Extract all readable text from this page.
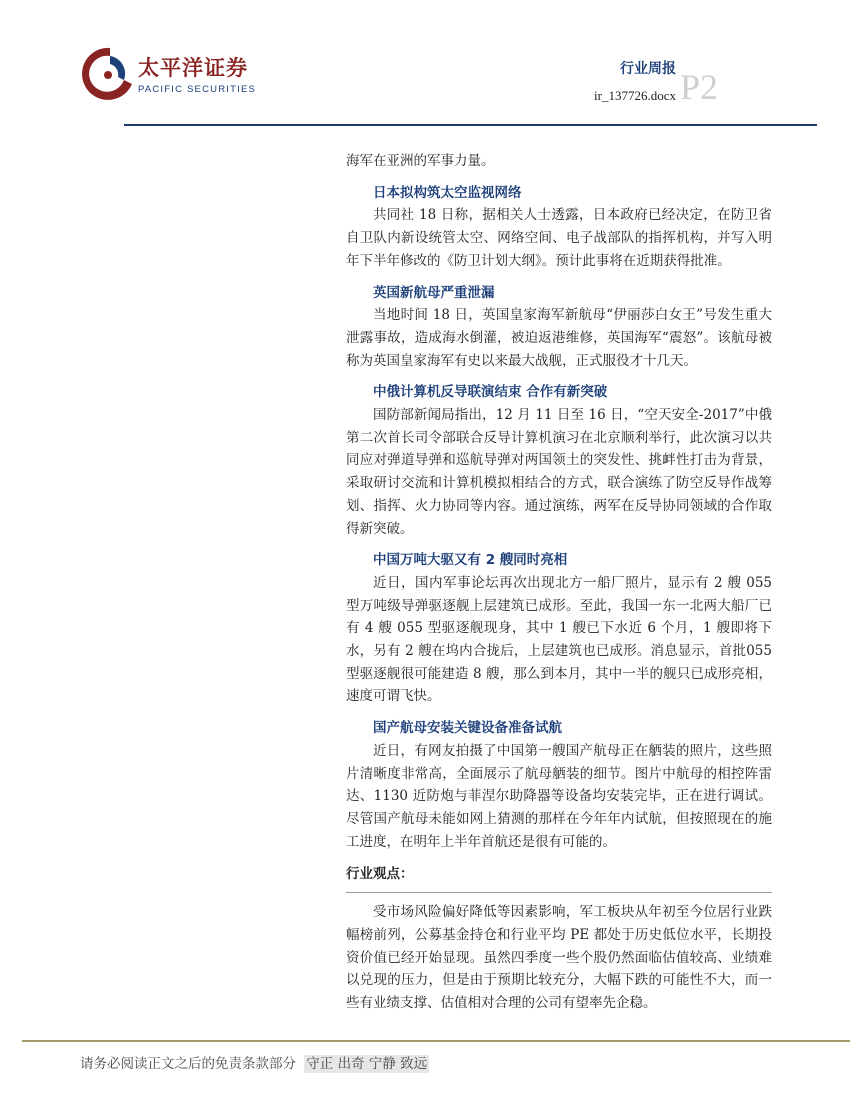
太平洋证券
PACIFIC SECURITIES
行业周报
ir_137726.docx P2

海军在亚洲的军事力量。

日本拟构筑太空监视网络

共同社 18 日称，据相关人士透露，日本政府已经决定，在防卫省自卫队内新设统管太空、网络空间、电子战部队的指挥机构，并写入明年下半年修改的《防卫计划大纲》。预计此事将在近期获得批准。

英国新航母严重泄漏

当地时间 18 日，英国皇家海军新航母“伊丽莎白女王”号发生重大泄露事故，造成海水倒灌，被迫返港维修，英国海军“震怒”。该航母被称为英国皇家海军有史以来最大战舰，正式服役才十几天。

中俄计算机反导联演结束 合作有新突破

国防部新闻局指出，12 月 11 日至 16 日，“空天安全-2017”中俄第二次首长司令部联合反导计算机演习在北京顺利举行，此次演习以共同应对弹道导弹和巡航导弹对两国领土的突发性、挑衅性打击为背景，采取研讨交流和计算机模拟相结合的方式，联合演练了防空反导作战筹划、指挥、火力协同等内容。通过演练，两军在反导协同领域的合作取得新突破。

中国万吨大驱又有 2 艘同时亮相

近日，国内军事论坛再次出现北方一船厂照片，显示有 2 艘 055 型万吨级导弹驱逐舰上层建筑已成形。至此，我国一东一北两大船厂已有 4 艘 055 型驱逐舰现身，其中 1 艘已下水近 6 个月，1 艘即将下水，另有 2 艘在坞内合拢后，上层建筑也已成形。消息显示，首批055 型驱逐舰很可能建造 8 艘，那么到本月，其中一半的舰只已成形亮相，速度可谓飞快。

国产航母安装关键设备准备试航

近日，有网友拍摄了中国第一艘国产航母正在舾装的照片，这些照片清晰度非常高，全面展示了航母舾装的细节。图片中航母的相控阵雷达、1130 近防炮与菲涅尔助降器等设备均安装完毕，正在进行调试。尽管国产航母未能如网上猜测的那样在今年年内试航，但按照现在的施工进度，在明年上半年首航还是很有可能的。

行业观点：

受市场风险偏好降低等因素影响，军工板块从年初至今位居行业跌幅榜前列，公募基金持仓和行业平均 PE 都处于历史低位水平，长期投资价值已经开始显现。虽然四季度一些个股仍然面临估值较高、业绩难以兑现的压力，但是由于预期比较充分，大幅下跌的可能性不大，而一些有业绩支撑、估值相对合理的公司有望率先企稳。

请务必阅读正文之后的免责条款部分 守正 出奇 宁静 致远
